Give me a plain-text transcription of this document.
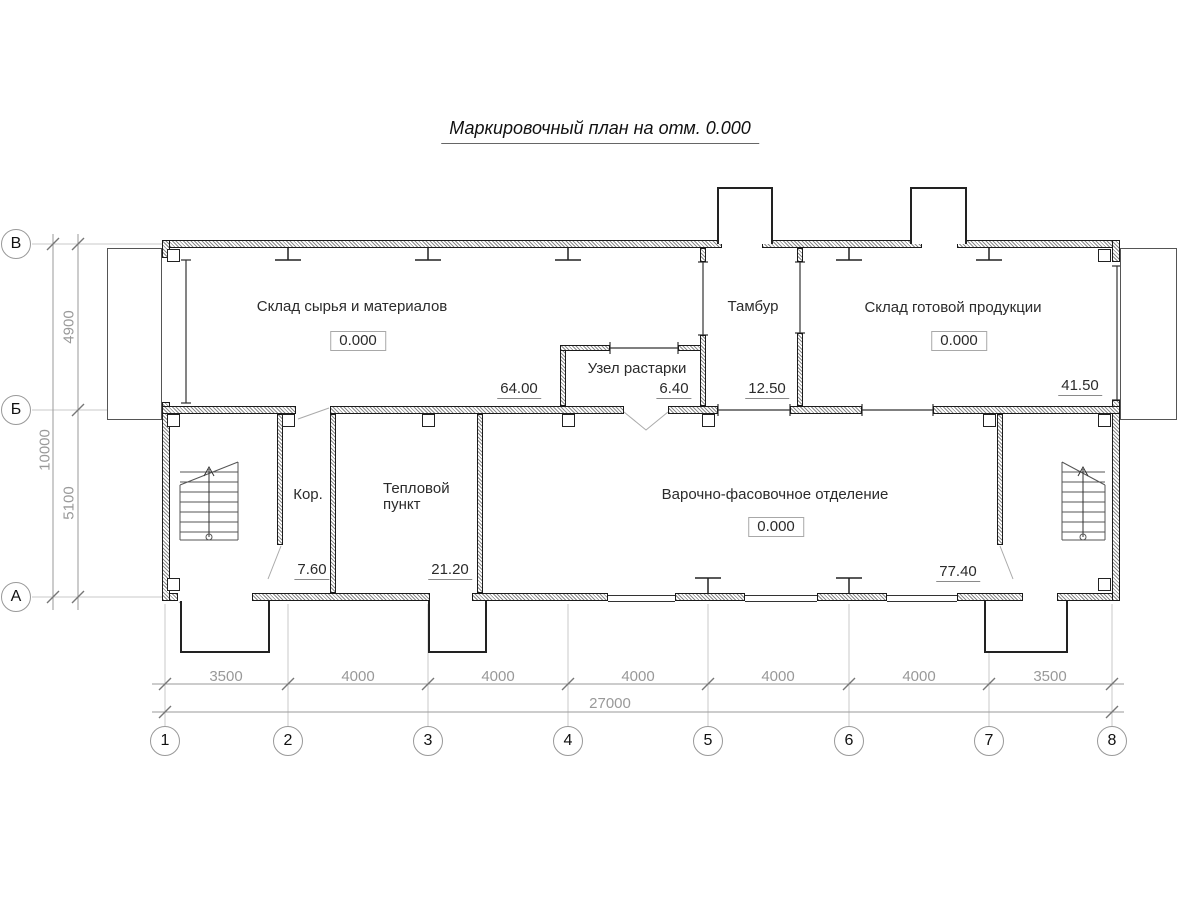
Маркировочный план на отм. 0.000
Склад сырья и материалов
0.000
64.00
Узел растарки
6.40
Тамбур
12.50
Склад готовой продукции
0.000
41.50
Кор.
7.60
Тепловой пункт
21.20
Варочно-фасовочное отделение
0.000
77.40
3500	4000	4000	4000	4000	4000	3500
27000
4900
5100
10000
В
Б
А
1	2	3	4	5	6	7	8
